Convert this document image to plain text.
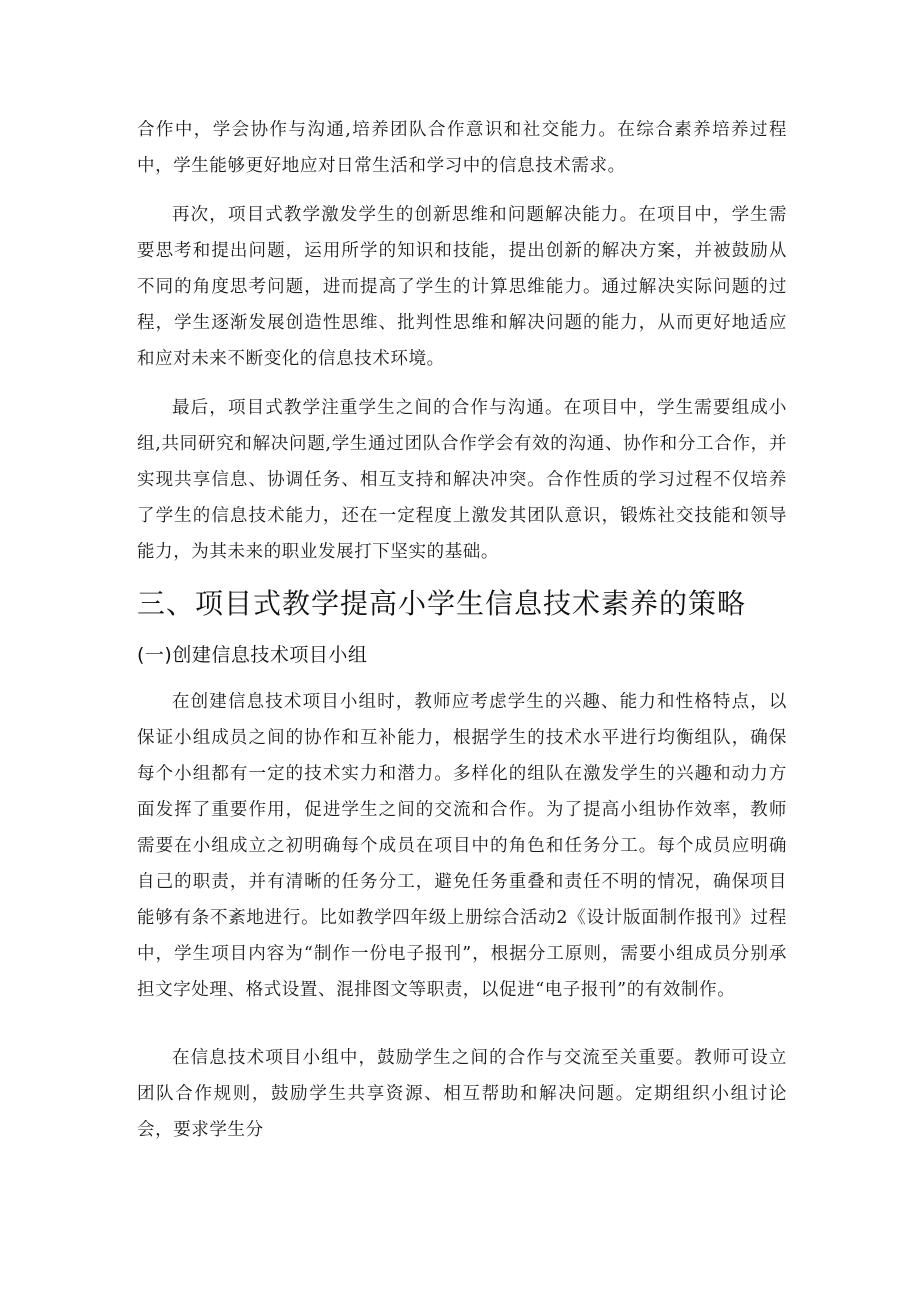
合作中，学会协作与沟通,培养团队合作意识和社交能力。在综合素养培养过程中，学生能够更好地应对日常生活和学习中的信息技术需求。

再次，项目式教学激发学生的创新思维和问题解决能力。在项目中，学生需要思考和提出问题，运用所学的知识和技能，提出创新的解决方案，并被鼓励从不同的角度思考问题，进而提高了学生的计算思维能力。通过解决实际问题的过程，学生逐渐发展创造性思维、批判性思维和解决问题的能力，从而更好地适应和应对未来不断变化的信息技术环境。

最后，项目式教学注重学生之间的合作与沟通。在项目中，学生需要组成小组,共同研究和解决问题,学生通过团队合作学会有效的沟通、协作和分工合作，并实现共享信息、协调任务、相互支持和解决冲突。合作性质的学习过程不仅培养了学生的信息技术能力，还在一定程度上激发其团队意识，锻炼社交技能和领导能力，为其未来的职业发展打下坚实的基础。

三、项目式教学提高小学生信息技术素养的策略
(一)创建信息技术项目小组

在创建信息技术项目小组时，教师应考虑学生的兴趣、能力和性格特点，以保证小组成员之间的协作和互补能力，根据学生的技术水平进行均衡组队，确保每个小组都有一定的技术实力和潜力。多样化的组队在激发学生的兴趣和动力方面发挥了重要作用，促进学生之间的交流和合作。为了提高小组协作效率，教师需要在小组成立之初明确每个成员在项目中的角色和任务分工。每个成员应明确自己的职责，并有清晰的任务分工，避免任务重叠和责任不明的情况，确保项目能够有条不紊地进行。比如教学四年级上册综合活动2《设计版面制作报刊》过程中，学生项目内容为“制作一份电子报刊”，根据分工原则，需要小组成员分别承担文字处理、格式设置、混排图文等职责，以促进“电子报刊”的有效制作。

在信息技术项目小组中，鼓励学生之间的合作与交流至关重要。教师可设立团队合作规则，鼓励学生共享资源、相互帮助和解决问题。定期组织小组讨论会，要求学生分
